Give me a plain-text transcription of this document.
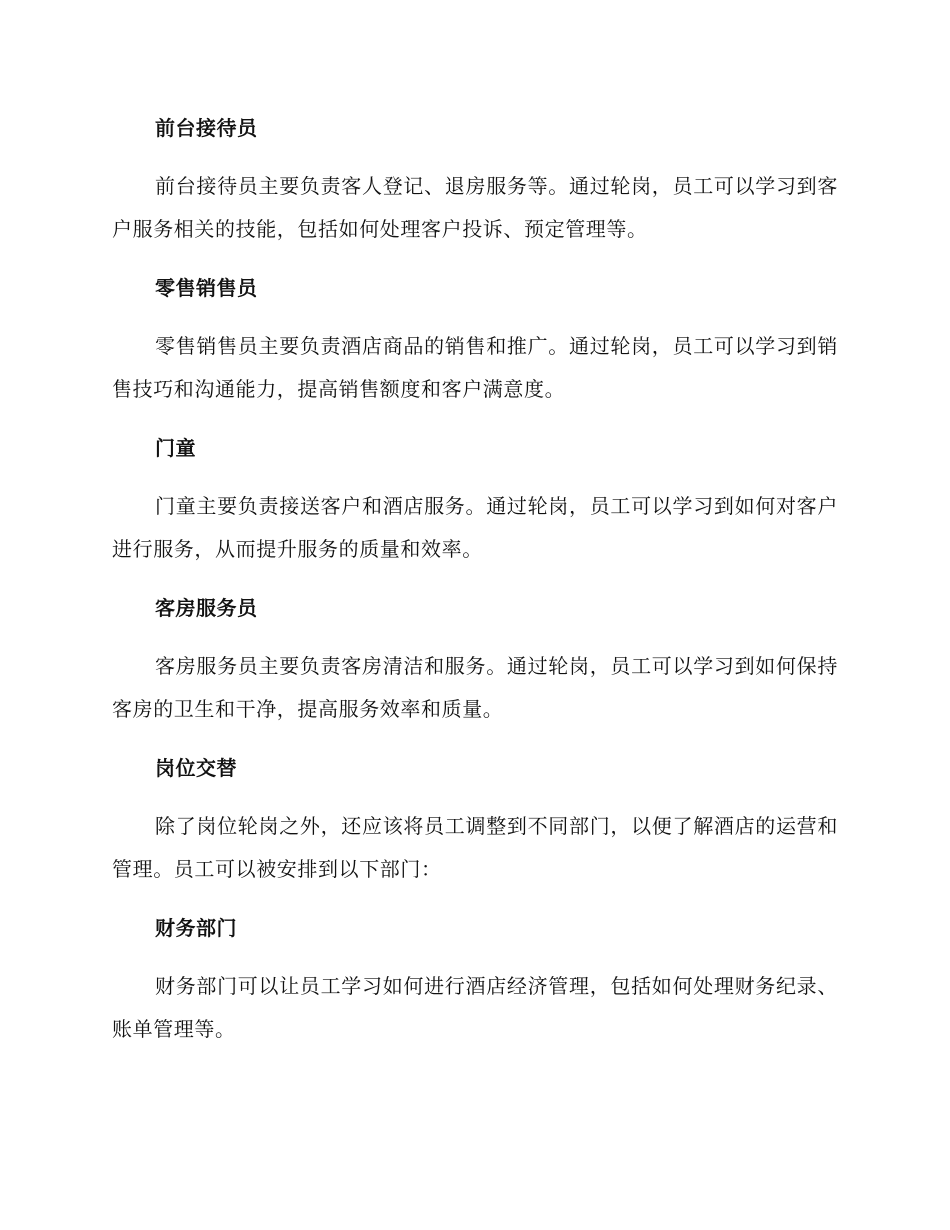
前台接待员

前台接待员主要负责客人登记、退房服务等。通过轮岗，员工可以学习到客户服务相关的技能，包括如何处理客户投诉、预定管理等。

零售销售员

零售销售员主要负责酒店商品的销售和推广。通过轮岗，员工可以学习到销售技巧和沟通能力，提高销售额度和客户满意度。

门童

门童主要负责接送客户和酒店服务。通过轮岗，员工可以学习到如何对客户进行服务，从而提升服务的质量和效率。

客房服务员

客房服务员主要负责客房清洁和服务。通过轮岗，员工可以学习到如何保持客房的卫生和干净，提高服务效率和质量。

岗位交替

除了岗位轮岗之外，还应该将员工调整到不同部门，以便了解酒店的运营和管理。员工可以被安排到以下部门：

财务部门

财务部门可以让员工学习如何进行酒店经济管理，包括如何处理财务纪录、账单管理等。
